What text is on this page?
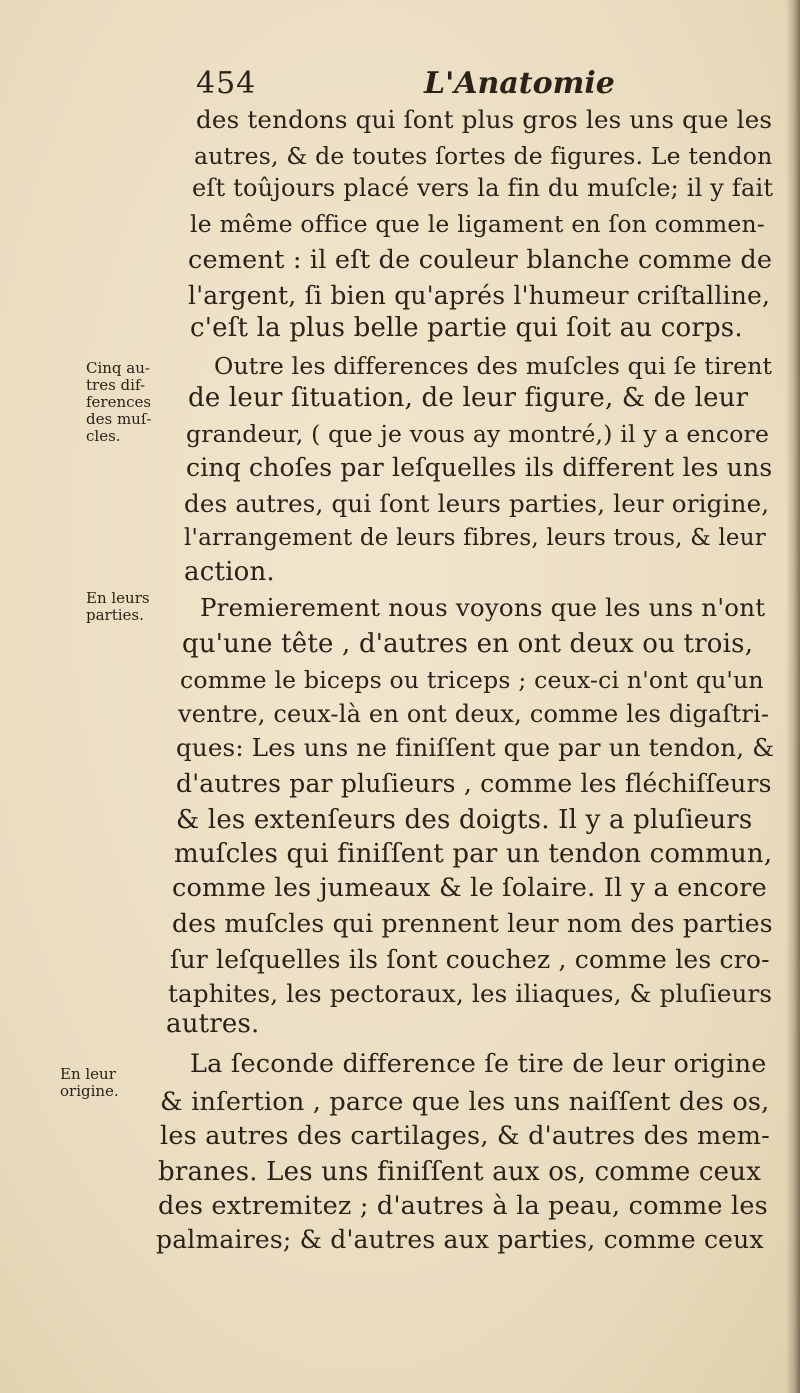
454	L'Anatomie
Cinq au-
tres dif-
ferences
des muſ-
cles.
En leurs
parties.
En leur
origine.
des tendons qui ſont plus gros les uns que les
autres, & de toutes ſortes de figures. Le tendon
eſt toûjours placé vers la fin du muſcle; il y fait
le même office que le ligament en ſon commen-
cement : il eſt de couleur blanche comme de
l'argent, ſi bien qu'aprés l'humeur criſtalline,
c'eſt la plus belle partie qui ſoit au corps.
Outre les differences des muſcles qui ſe tirent
de leur ſituation, de leur figure, & de leur
grandeur, ( que je vous ay montré,) il y a encore
cinq choſes par leſquelles ils different les uns
des autres, qui ſont leurs parties, leur origine,
l'arrangement de leurs fibres, leurs trous, & leur
action.
Premierement nous voyons que les uns n'ont
qu'une tête , d'autres en ont deux ou trois,
comme le biceps ou triceps ; ceux-ci n'ont qu'un
ventre, ceux-là en ont deux, comme les digaſtri-
ques: Les uns ne finiſſent que par un tendon, &
d'autres par pluſieurs , comme les fléchiſſeurs
& les extenſeurs des doigts. Il y a pluſieurs
muſcles qui finiſſent par un tendon commun,
comme les jumeaux & le ſolaire. Il y a encore
des muſcles qui prennent leur nom des parties
ſur leſquelles ils ſont couchez , comme les cro-
taphites, les pectoraux, les iliaques, & pluſieurs
autres.
La ſeconde difference ſe tire de leur origine
& inſertion , parce que les uns naiſſent des os,
les autres des cartilages, & d'autres des mem-
branes. Les uns finiſſent aux os, comme ceux
des extremitez ; d'autres à la peau, comme les
palmaires; & d'autres aux parties, comme ceux
